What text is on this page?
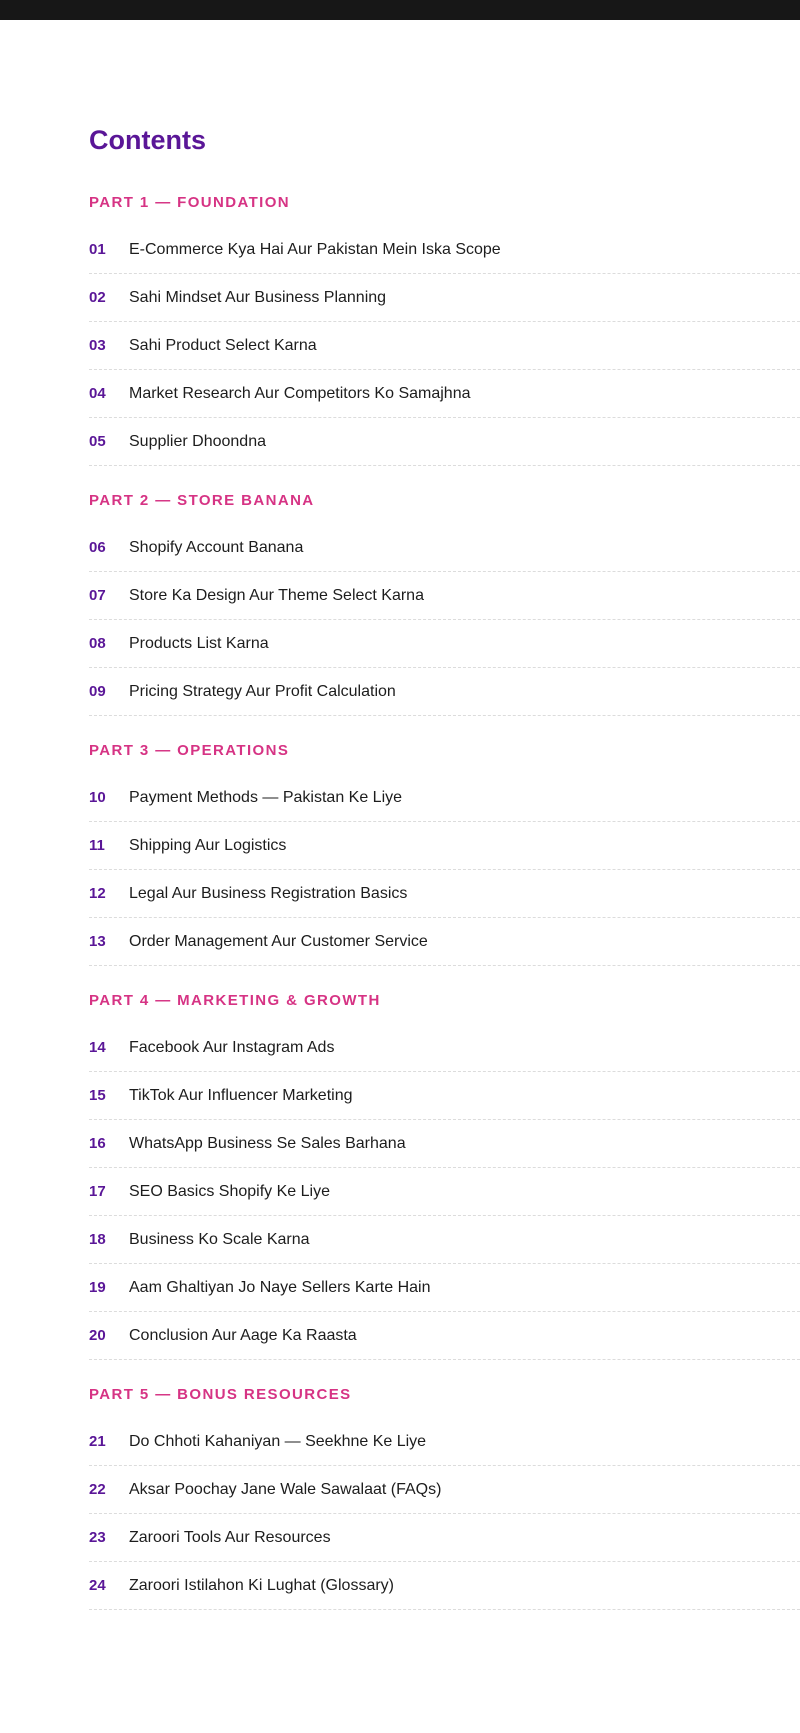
Contents
PART 1 — FOUNDATION
01	E-Commerce Kya Hai Aur Pakistan Mein Iska Scope
02	Sahi Mindset Aur Business Planning
03	Sahi Product Select Karna
04	Market Research Aur Competitors Ko Samajhna
05	Supplier Dhoondna
PART 2 — STORE BANANA
06	Shopify Account Banana
07	Store Ka Design Aur Theme Select Karna
08	Products List Karna
09	Pricing Strategy Aur Profit Calculation
PART 3 — OPERATIONS
10	Payment Methods — Pakistan Ke Liye
11	Shipping Aur Logistics
12	Legal Aur Business Registration Basics
13	Order Management Aur Customer Service
PART 4 — MARKETING & GROWTH
14	Facebook Aur Instagram Ads
15	TikTok Aur Influencer Marketing
16	WhatsApp Business Se Sales Barhana
17	SEO Basics Shopify Ke Liye
18	Business Ko Scale Karna
19	Aam Ghaltiyan Jo Naye Sellers Karte Hain
20	Conclusion Aur Aage Ka Raasta
PART 5 — BONUS RESOURCES
21	Do Chhoti Kahaniyan — Seekhne Ke Liye
22	Aksar Poochay Jane Wale Sawalaat (FAQs)
23	Zaroori Tools Aur Resources
24	Zaroori Istilahon Ki Lughat (Glossary)
